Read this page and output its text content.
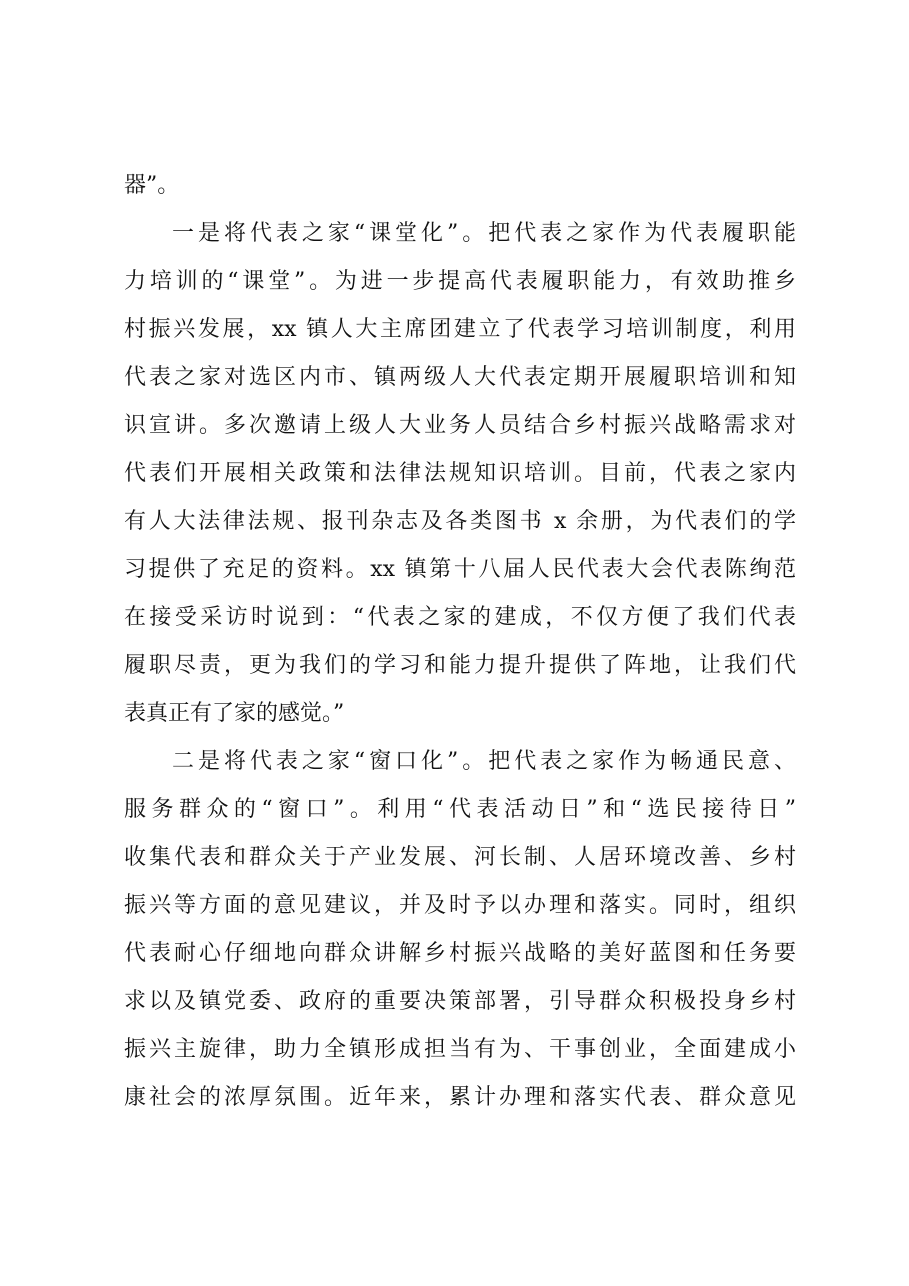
器”。
一是将代表之家“课堂化”。把代表之家作为代表履职能
力培训的“课堂”。为进一步提高代表履职能力，有效助推乡
村振兴发展，xx 镇人大主席团建立了代表学习培训制度，利用
代表之家对选区内市、镇两级人大代表定期开展履职培训和知
识宣讲。多次邀请上级人大业务人员结合乡村振兴战略需求对
代表们开展相关政策和法律法规知识培训。目前，代表之家内
有人大法律法规、报刊杂志及各类图书 x 余册，为代表们的学
习提供了充足的资料。xx 镇第十八届人民代表大会代表陈绚范
在接受采访时说到：“代表之家的建成，不仅方便了我们代表
履职尽责，更为我们的学习和能力提升提供了阵地，让我们代
表真正有了家的感觉。”
二是将代表之家“窗口化”。把代表之家作为畅通民意、
服务群众的“窗口”。利用“代表活动日”和“选民接待日”
收集代表和群众关于产业发展、河长制、人居环境改善、乡村
振兴等方面的意见建议，并及时予以办理和落实。同时，组织
代表耐心仔细地向群众讲解乡村振兴战略的美好蓝图和任务要
求以及镇党委、政府的重要决策部署，引导群众积极投身乡村
振兴主旋律，助力全镇形成担当有为、干事创业，全面建成小
康社会的浓厚氛围。近年来，累计办理和落实代表、群众意见
